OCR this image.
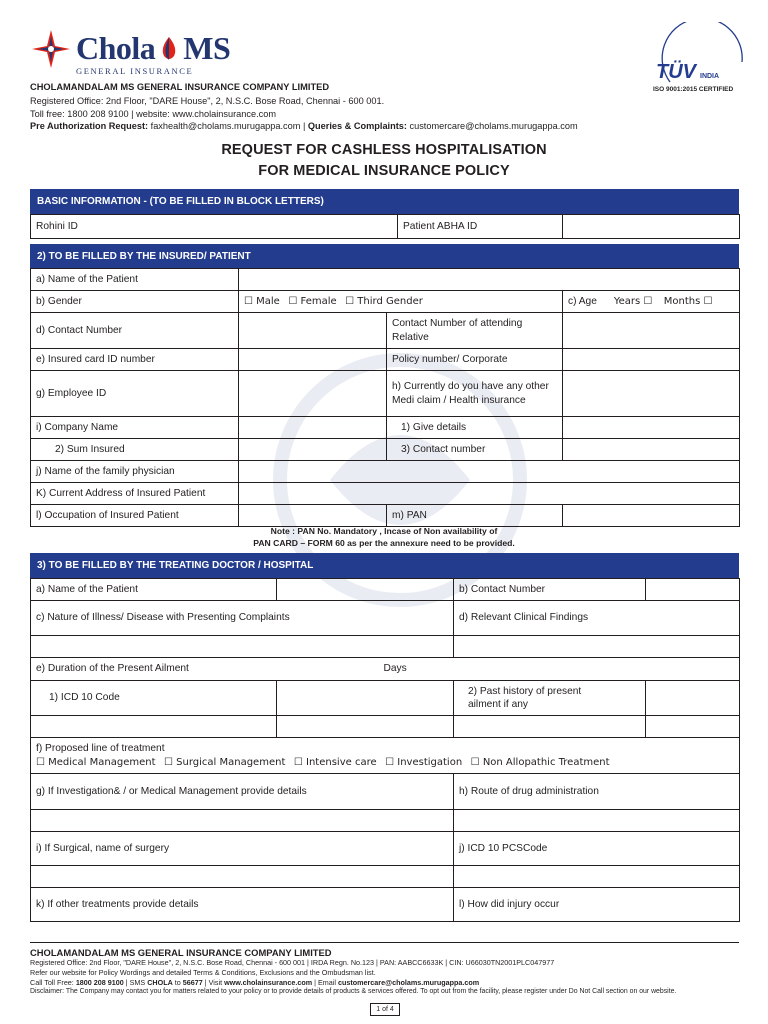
Chola MS
GENERAL INSURANCE	TÜV INDIA
ISO 9001:2015 CERTIFIED
CHOLAMANDALAM MS GENERAL INSURANCE COMPANY LIMITED
Registered Office: 2nd Floor, "DARE House", 2, N.S.C. Bose Road, Chennai - 600 001.
Toll free: 1800 208 9100 | website: www.cholainsurance.com
Pre Authorization Request: faxhealth@cholams.murugappa.com | Queries & Complaints: customercare@cholams.murugappa.com
REQUEST FOR CASHLESS HOSPITALISATION
FOR MEDICAL INSURANCE POLICY
BASIC INFORMATION - (TO BE FILLED IN BLOCK LETTERS)
Rohini ID	Patient ABHA ID	
2) TO BE FILLED BY THE INSURED/ PATIENT
a) Name of the Patient			
b) Gender	☐ Male ☐ Female ☐ Third Gender		c) Age Years ☐ Months ☐
d) Contact Number		Contact Number of attending Relative	
e) Insured card ID number		Policy number/ Corporate	
g) Employee ID		h) Currently do you have any other Medi claim / Health insurance	
i) Company Name		1) Give details	
2) Sum Insured		3) Contact number	
j) Name of the family physician			
K) Current Address of Insured Patient			
l) Occupation of Insured Patient		m) PAN	
Note : PAN No. Mandatory , Incase of Non availability of
PAN CARD – FORM 60 as per the annexure need to be provided.
3) TO BE FILLED BY THE TREATING DOCTOR / HOSPITAL
a) Name of the Patient		b) Contact Number	
c) Nature of Illness/ Disease with Presenting Complaints		d) Relevant Clinical Findings	

e) Duration of the Present Ailment Days			

1) ICD 10 Code		2) Past history of present ailment if any	

f) Proposed line of treatment
☐ Medical Management ☐ Surgical Management ☐ Intensive care ☐ Investigation ☐ Non Allopathic Treatment			

g) If Investigation& / or Medical Management provide details		h) Route of drug administration	

i) If Surgical, name of surgery		j) ICD 10 PCSCode	

k) If other treatments provide details		l) How did injury occur	
CHOLAMANDALAM MS GENERAL INSURANCE COMPANY LIMITED
Registered Office: 2nd Floor, "DARE House", 2, N.S.C. Bose Road, Chennai - 600 001 | IRDA Regn. No.123 | PAN: AABCC6633K | CIN: U66030TN2001PLC047977
Refer our website for Policy Wordings and detailed Terms & Conditions, Exclusions and the Ombudsman list.
Call Toll Free: 1800 208 9100 | SMS CHOLA to 56677 | Visit www.cholainsurance.com | Email customercare@cholams.murugappa.com
Disclaimer: The Company may contact you for matters related to your policy or to provide details of products & services offered. To opt out from the facility, please register under Do Not Call section on our website.
1 of 4
